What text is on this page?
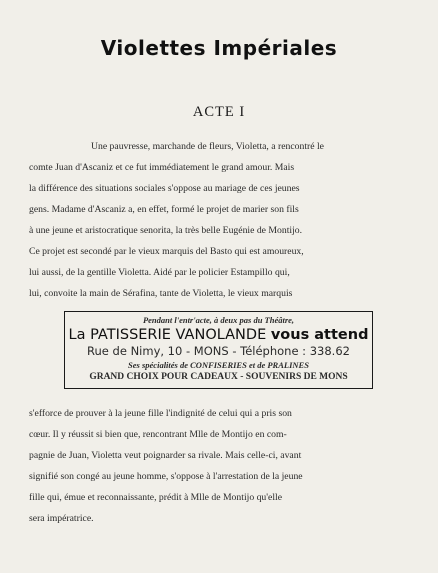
Violettes Impériales
ACTE I
Une pauvresse, marchande de fleurs, Violetta, a rencontré le
comte Juan d'Ascaniz et ce fut immédiatement le grand amour. Mais
la différence des situations sociales s'oppose au mariage de ces jeunes
gens. Madame d'Ascaniz a, en effet, formé le projet de marier son fils
à une jeune et aristocratique senorita, la très belle Eugénie de Montijo.
Ce projet est secondé par le vieux marquis del Basto qui est amoureux,
lui aussi, de la gentille Violetta. Aidé par le policier Estampillo qui,
lui, convoite la main de Sérafina, tante de Violetta, le vieux marquis
Pendant l'entr'acte, à deux pas du Théâtre,
La PATISSERIE VANOLANDE vous attend
Rue de Nimy, 10 - MONS - Téléphone : 338.62
Ses spécialités de CONFISERIES et de PRALINES
GRAND CHOIX POUR CADEAUX - SOUVENIRS DE MONS
s'efforce de prouver à la jeune fille l'indignité de celui qui a pris son
cœur. Il y réussit si bien que, rencontrant Mlle de Montijo en com-
pagnie de Juan, Violetta veut poignarder sa rivale. Mais celle-ci, avant
signifié son congé au jeune homme, s'oppose à l'arrestation de la jeune
fille qui, émue et reconnaissante, prédit à Mlle de Montijo qu'elle
sera impératrice.
